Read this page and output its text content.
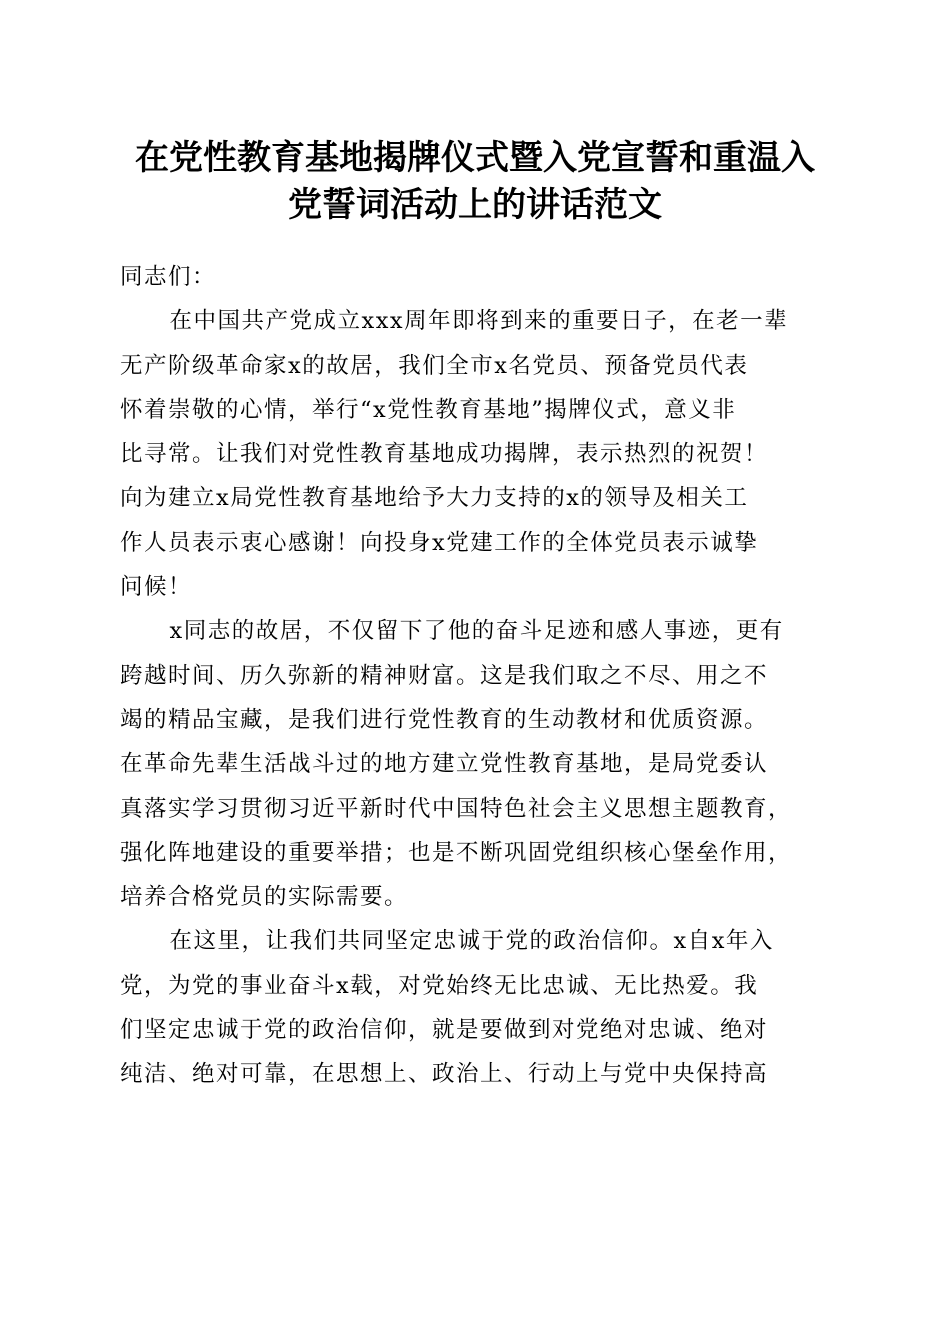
在党性教育基地揭牌仪式暨入党宣誓和重温入
党誓词活动上的讲话范文

同志们：

在中国共产党成立xxx周年即将到来的重要日子，在老一辈
无产阶级革命家x的故居，我们全市x名党员、预备党员代表
怀着崇敬的心情，举行“x党性教育基地”揭牌仪式，意义非
比寻常。让我们对党性教育基地成功揭牌，表示热烈的祝贺！
向为建立x局党性教育基地给予大力支持的x的领导及相关工
作人员表示衷心感谢！向投身x党建工作的全体党员表示诚挚
问候！

x同志的故居，不仅留下了他的奋斗足迹和感人事迹，更有
跨越时间、历久弥新的精神财富。这是我们取之不尽、用之不
竭的精品宝藏，是我们进行党性教育的生动教材和优质资源。
在革命先辈生活战斗过的地方建立党性教育基地，是局党委认
真落实学习贯彻习近平新时代中国特色社会主义思想主题教育，
强化阵地建设的重要举措；也是不断巩固党组织核心堡垒作用，
培养合格党员的实际需要。

在这里，让我们共同坚定忠诚于党的政治信仰。x自x年入
党，为党的事业奋斗x载，对党始终无比忠诚、无比热爱。我
们坚定忠诚于党的政治信仰，就是要做到对党绝对忠诚、绝对
纯洁、绝对可靠，在思想上、政治上、行动上与党中央保持高
